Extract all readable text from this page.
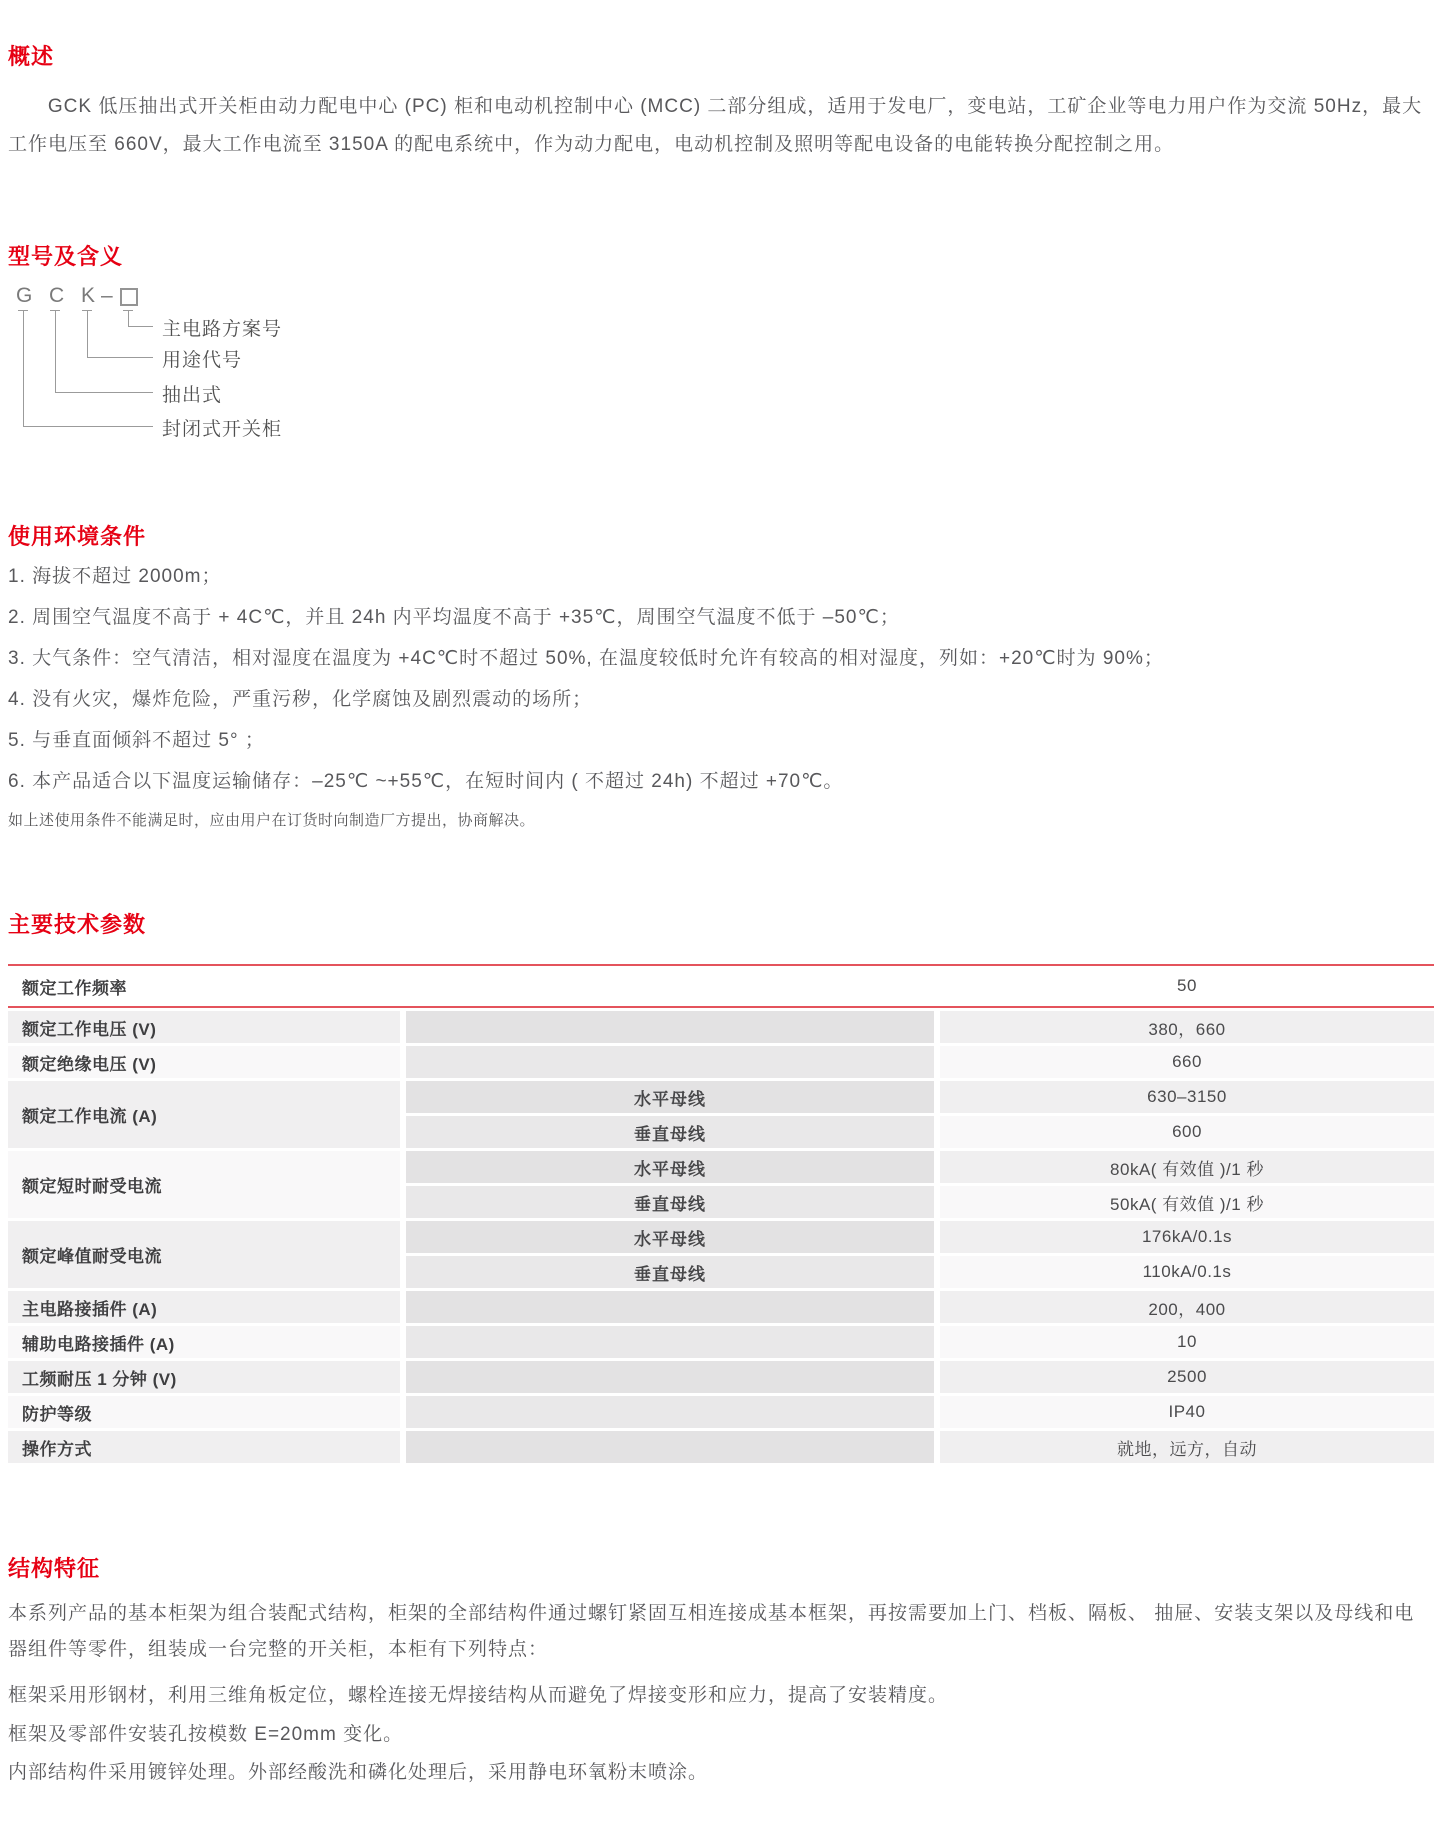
概述
GCK 低压抽出式开关柜由动力配电中心 (PC) 柜和电动机控制中心 (MCC) 二部分组成，适用于发电厂，变电站，工矿企业等电力用户作为交流 50Hz，最大工作电压至 660V，最大工作电流至 3150A 的配电系统中，作为动力配电，电动机控制及照明等配电设备的电能转换分配控制之用。
型号及含义
G C K –
主电路方案号
用途代号
抽出式
封闭式开关柜
使用环境条件
1. 海拔不超过 2000m；
2. 周围空气温度不高于 + 4C℃，并且 24h 内平均温度不高于 +35℃，周围空气温度不低于 –50℃；
3. 大气条件：空气清洁，相对湿度在温度为 +4C℃时不超过 50%, 在温度较低时允许有较高的相对湿度，列如：+20℃时为 90%；
4. 没有火灾，爆炸危险，严重污秽，化学腐蚀及剧烈震动的场所；
5. 与垂直面倾斜不超过 5° ；
6. 本产品适合以下温度运输储存：–25℃ ~+55℃，在短时间内 ( 不超过 24h) 不超过 +70℃。
如上述使用条件不能满足时，应由用户在订货时向制造厂方提出，协商解决。
主要技术参数
额定工作频率	50
额定工作电压 (V)	380，660
额定绝缘电压 (V)	660
额定工作电流 (A)
水平母线	630–3150
垂直母线	600
额定短时耐受电流
水平母线	80kA( 有效值 )/1 秒
垂直母线	50kA( 有效值 )/1 秒
额定峰值耐受电流
水平母线	176kA/0.1s
垂直母线	110kA/0.1s
主电路接插件 (A)	200，400
辅助电路接插件 (A)	10
工频耐压 1 分钟 (V)	2500
防护等级	IP40
操作方式	就地，远方，自动
结构特征
本系列产品的基本柜架为组合装配式结构，柜架的全部结构件通过螺钉紧固互相连接成基本框架，再按需要加上门、档板、隔板、 抽屉、安装支架以及母线和电器组件等零件，组装成一台完整的开关柜，本柜有下列特点：
框架采用形钢材，利用三维角板定位，螺栓连接无焊接结构从而避免了焊接变形和应力，提高了安装精度。
框架及零部件安装孔按模数 E=20mm 变化。
内部结构件采用镀锌处理。外部经酸洗和磷化处理后，采用静电环氧粉末喷涂。
